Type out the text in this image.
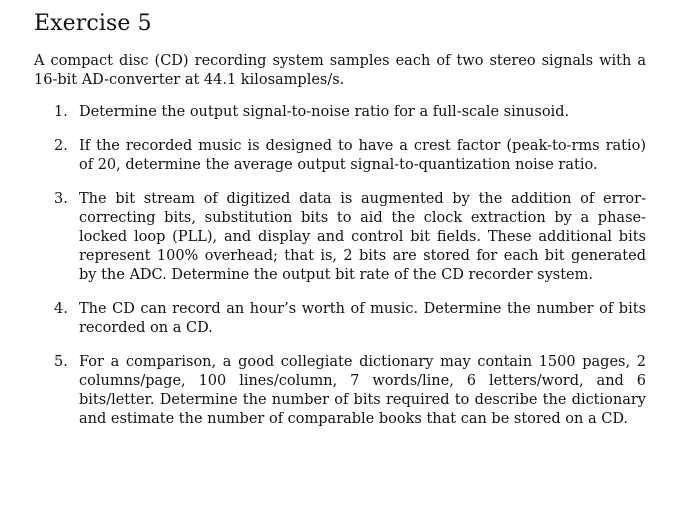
Exercise 5

A compact disc (CD) recording system samples each of two stereo signals with a 16-bit AD-converter at 44.1 kilosamples/s.

1. Determine the output signal-to-noise ratio for a full-scale sinusoid.
2. If the recorded music is designed to have a crest factor (peak-to-rms ratio) of 20, determine the average output signal-to-quantization noise ratio.
3. The bit stream of digitized data is augmented by the addition of error-correcting bits, substitution bits to aid the clock extraction by a phase-locked loop (PLL), and display and control bit fields. These additional bits represent 100% overhead; that is, 2 bits are stored for each bit generated by the ADC. Determine the output bit rate of the CD recorder system.
4. The CD can record an hour’s worth of music. Determine the number of bits recorded on a CD.
5. For a comparison, a good collegiate dictionary may contain 1500 pages, 2 columns/page, 100 lines/column, 7 words/line, 6 letters/word, and 6 bits/letter. Determine the number of bits required to describe the dictionary and estimate the number of comparable books that can be stored on a CD.
